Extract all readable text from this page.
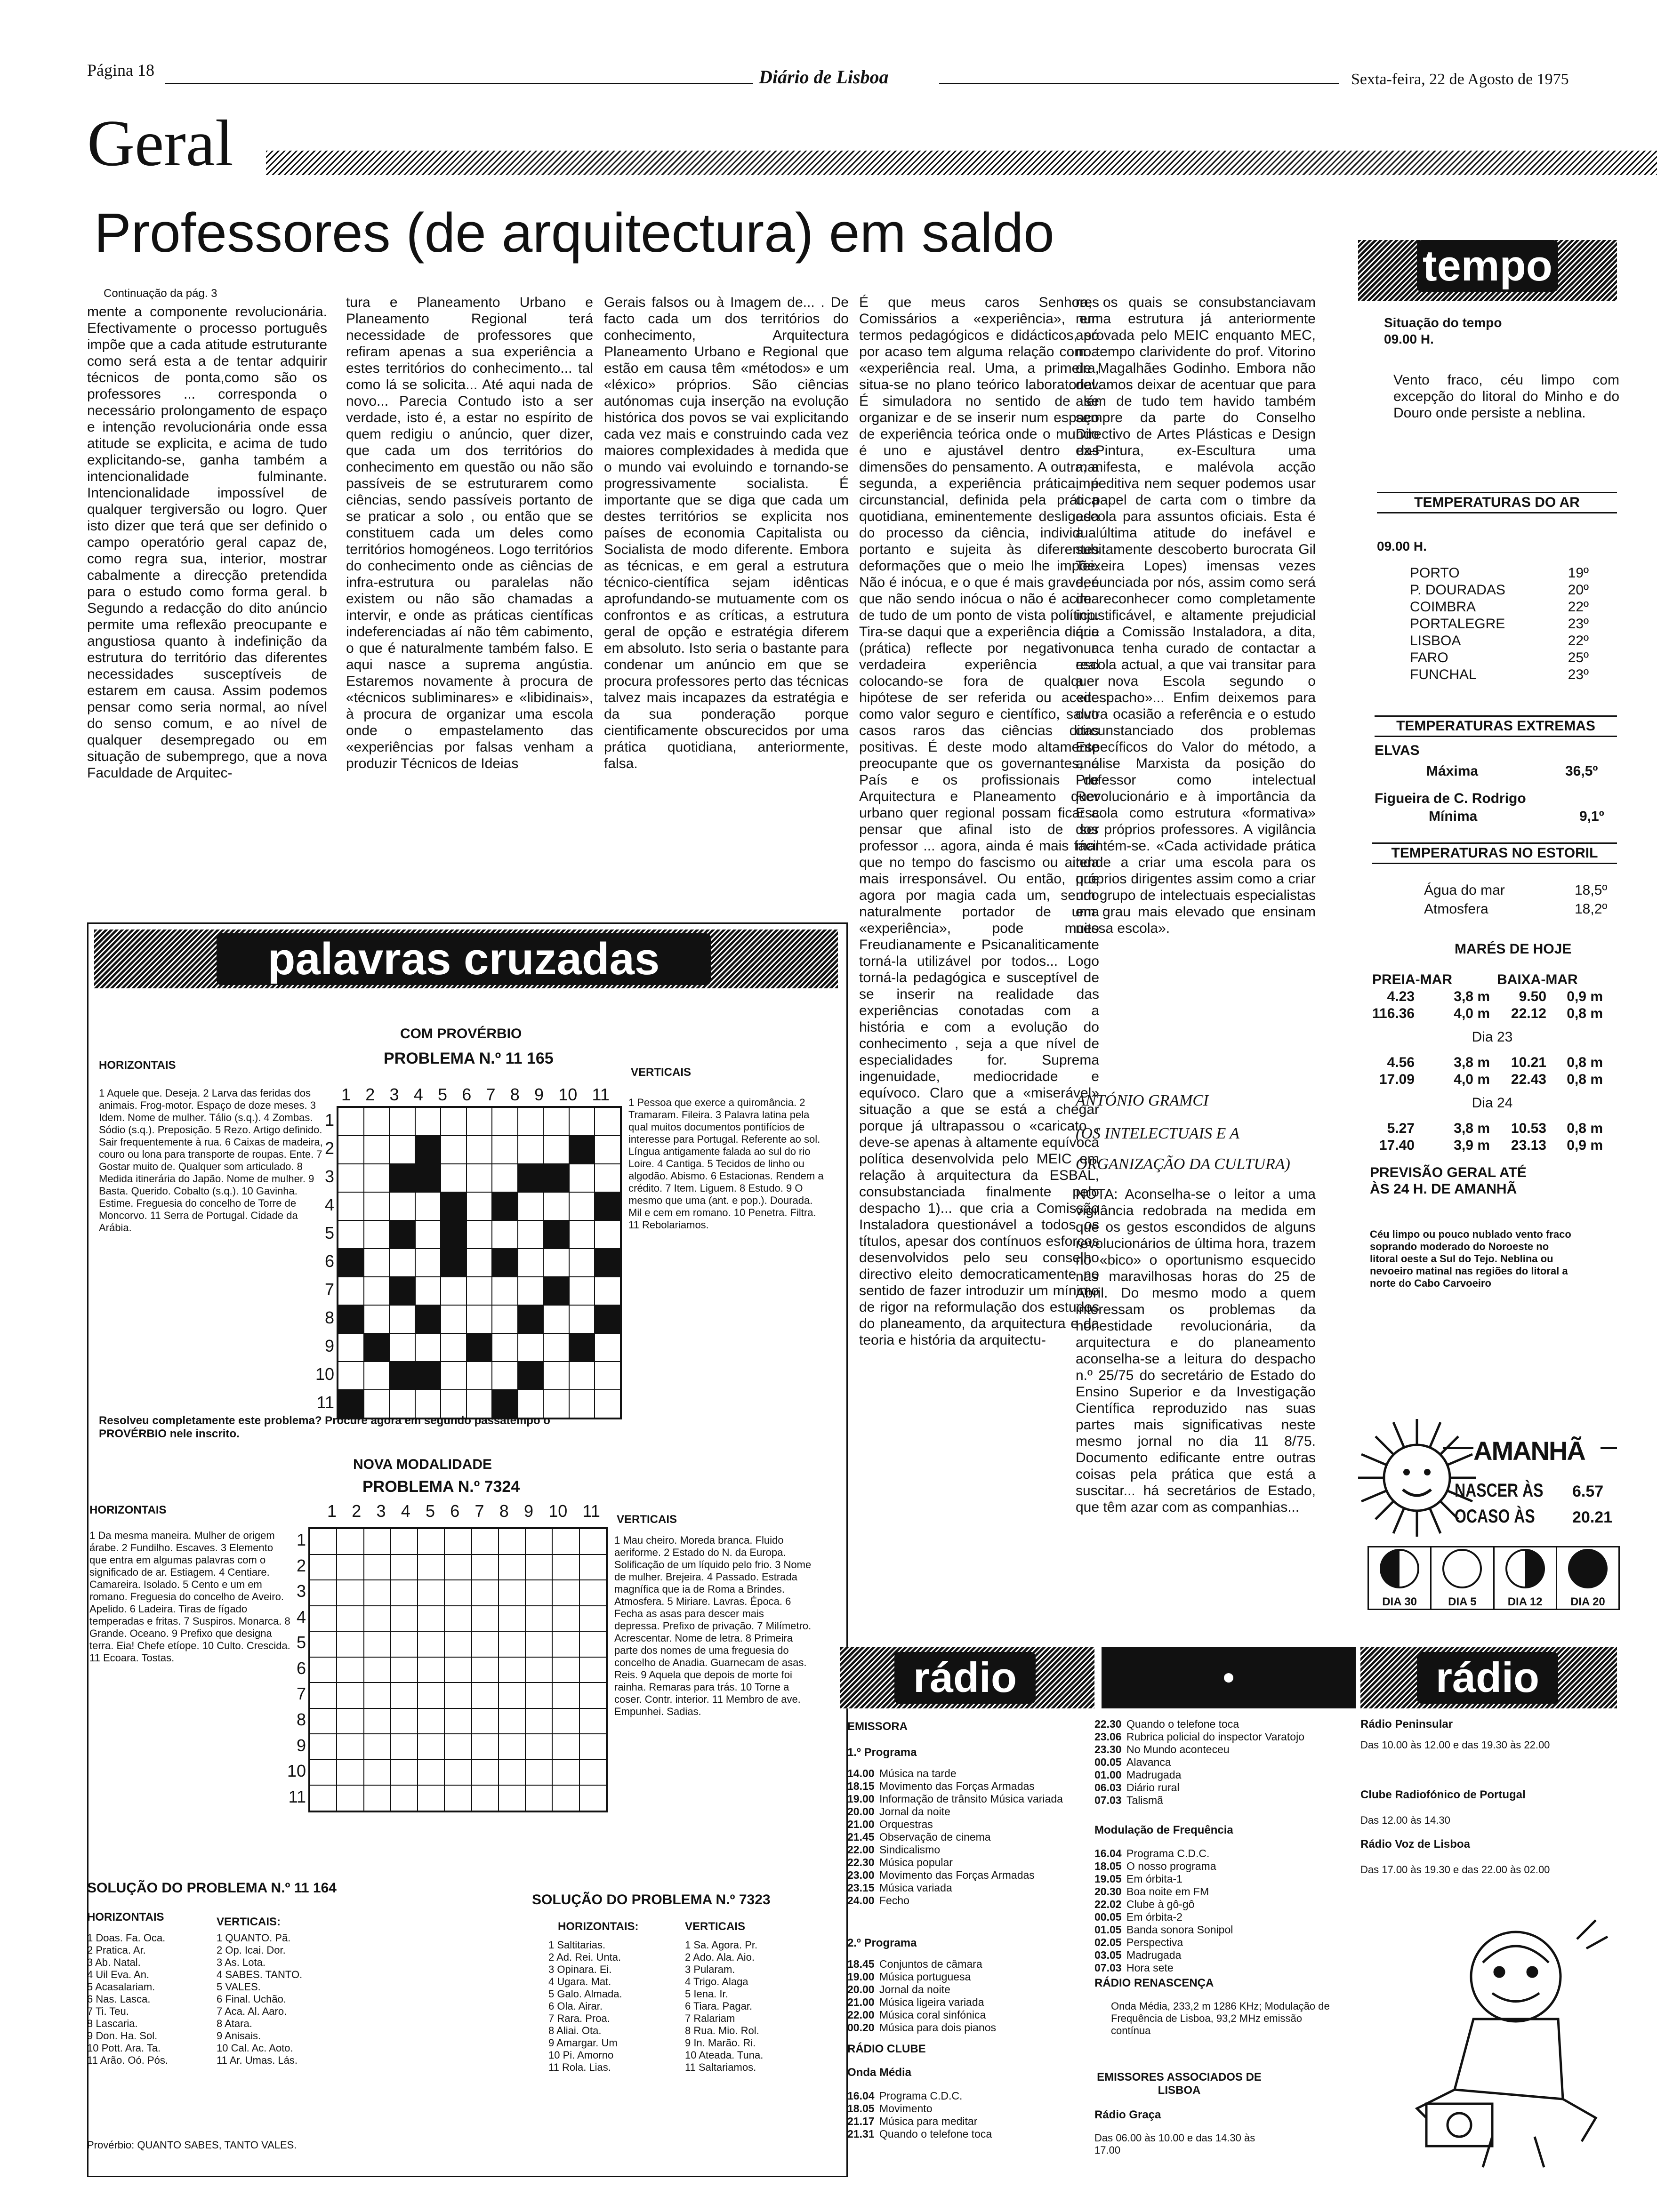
Página 18	Diário de Lisboa	Sexta-feira, 22 de Agosto de 1975
Geral
Professores (de arquitectura) em saldo
Continuação da pág. 3
mente a componente revolucionária. Efectivamente o processo português impõe que a cada atitude estruturante como será esta a de tentar adquirir técnicos de ponta,como são os professores ... corresponda o necessário prolongamento de espaço e intenção revolucionária onde essa atitude se explicita, e acima de tudo explicitando-se, ganha também a intencionalidade fulminante. Intencionalidade impossível de qualquer tergiversão ou logro. Quer isto dizer que terá que ser definido o campo operatório geral capaz de, como regra sua, interior, mostrar cabalmente a direcção pretendida para o estudo como forma geral. b Segundo a redacção do dito anúncio permite uma reflexão preocupante e angustiosa quanto à indefinição da estrutura do território das diferentes necessidades susceptíveis de estarem em causa. Assim podemos pensar como seria normal, ao nível do senso comum, e ao nível de qualquer desempregado ou em situação de subemprego, que a nova Faculdade de Arquitec-
tura e Planeamento Urbano e Planeamento Regional terá necessidade de professores que refiram apenas a sua experiência a estes territórios do conhecimento... tal como lá se solicita... Até aqui nada de novo... Parecia Contudo isto a ser verdade, isto é, a estar no espírito de quem redigiu o anúncio, quer dizer, que cada um dos territórios do conhecimento em questão ou não são passíveis de se estruturarem como ciências, sendo passíveis portanto de se praticar a solo , ou então que se constituem cada um deles como territórios homogéneos. Logo territórios do conhecimento onde as ciências de infra-estrutura ou paralelas não existem ou não são chamadas a intervir, e onde as práticas científicas indeferenciadas aí não têm cabimento, o que é naturalmente também falso. E aqui nasce a suprema angústia. Estaremos novamente à procura de «técnicos subliminares» e «libidinais», à procura de organizar uma escola onde o empastelamento das «experiências por falsas venham a produzir Técnicos de Ideias
Gerais falsos ou à Imagem de... . De facto cada um dos territórios do conhecimento, Arquitectura Planeamento Urbano e Regional que estão em causa têm «métodos» e um «léxico» próprios. São ciências autónomas cuja inserção na evolução histórica dos povos se vai explicitando cada vez mais e construindo cada vez maiores complexidades à medida que o mundo vai evoluindo e tornando-se progressivamente socialista. É importante que se diga que cada um destes territórios se explicita nos países de economia Capitalista ou Socialista de modo diferente. Embora as técnicas, e em geral a estrutura técnico-científica sejam idênticas aprofundando-se mutuamente com os confrontos e as críticas, a estrutura geral de opção e estratégia diferem em absoluto. Isto seria o bastante para condenar um anúncio em que se procura professores perto das técnicas talvez mais incapazes da estratégia e da sua ponderação porque cientificamente obscurecidos por uma prática quotidiana, anteriormente, falsa.
É que meus caros Senhores Comissários a «experiência», em termos pedagógicos e didácticos, só por acaso tem alguma relação com a «experiência real. Uma, a primeira, situa-se no plano teórico laboratorial. É simuladora no sentido de se organizar e de se inserir num espaço de experiência teórica onde o mundo é uno e ajustável dentro das dimensões do pensamento. A outra, a segunda, a experiência prática, é circunstancial, definida pela prática quotidiana, eminentemente desligada do processo da ciência, individual portanto e sujeita às diferentes deformações que o meio lhe impõe. Não é inócua, e o que é mais grave, é que não sendo inócua o não é acima de tudo de um ponto de vista político. Tira-se daqui que a experiência diária (prática) reflecte por negativo a verdadeira experiência real colocando-se fora de qualquer hipótese de ser referida ou aceite como valor seguro e científico, salvo casos raros das ciências ditas positivas. É deste modo altamente preocupante que os governantes, o País e os profissionais de Arquitectura e Planeamento quer urbano quer regional possam ficar a pensar que afinal isto de ser professor ... agora, ainda é mais fácil que no tempo do fascismo ou ainda mais irresponsável. Ou então, que agora por magia cada um, sendo naturalmente portador de uma «experiência», pode muito Freudianamente e Psicanaliticamente torná-la utilizável por todos... Logo torná-la pedagógica e susceptível de se inserir na realidade das experiências conotadas com a história e com a evolução do conhecimento , seja a que nível de especialidades for. Suprema ingenuidade, mediocridade e equívoco. Claro que a «miserável» situação a que se está a chegar porque já ultrapassou o «caricato , deve-se apenas à altamente equívoca política desenvolvida pelo MEIC em relação à arquitectura da ESBAL, consubstanciada finalmente pelo despacho 1)... que cria a Comissão Instaladora questionável a todos os títulos, apesar dos contínuos esforços desenvolvidos pelo seu conselho directivo eleito democraticamente no sentido de fazer introduzir um mínimo de rigor na reformulação dos estudos do planeamento, da arquitectura e da teoria e história da arquitectu-
ra, os quais se consubstanciavam numa estrutura já anteriormente aprovada pelo MEIC enquanto MEC, no tempo clarividente do prof. Vitorino de Magalhães Godinho. Embora não devamos deixar de acentuar que para além de tudo tem havido também sempre da parte do Conselho Directivo de Artes Plásticas e Design ex-Pintura, ex-Escultura uma manifesta, e malévola acção impeditiva nem sequer podemos usar o papel de carta com o timbre da escola para assuntos oficiais. Esta é a última atitude do inefável e subitamente descoberto burocrata Gil Teixeira Lopes) imensas vezes denunciada por nós, assim como será de reconhecer como completamente injustificável, e altamente prejudicial que a Comissão Instaladora, a dita, nunca tenha curado de contactar a escola actual, a que vai transitar para a nova Escola segundo o «despacho»... Enfim deixemos para outra ocasião a referência e o estudo circunstanciado dos problemas Específicos do Valor do método, a análise Marxista da posição do Professor como intelectual Revolucionário e à importância da Escola como estrutura «formativa» dos próprios professores. A vigilância mantém-se. «Cada actividade prática tende a criar uma escola para os próprios dirigentes assim como a criar um grupo de intelectuais especialistas em grau mais elevado que ensinam nessa escola».
ANTÓNIO GRAMCI
(OS INTELECTUAIS E A
ORGANIZAÇÃO DA CULTURA)
NOTA: Aconselha-se o leitor a uma vigilância redobrada na medida em que os gestos escondidos de alguns revolucionários de última hora, trazem no «bico» o oportunismo esquecido nas maravilhosas horas do 25 de Abril. Do mesmo modo a quem interessam os problemas da honestidade revolucionária, da arquitectura e do planeamento aconselha-se a leitura do despacho n.º 25/75 do secretário de Estado do Ensino Superior e da Investigação Científica reproduzido nas suas partes mais significativas neste mesmo jornal no dia 11 8/75. Documento edificante entre outras coisas pela prática que está a suscitar... há secretários de Estado, que têm azar com as companhias...
palavras cruzadas
COM PROVÉRBIO
PROBLEMA N.º 11 165
HORIZONTAIS
VERTICAIS
1 Aquele que. Deseja. 2 Larva das feridas dos animais. Frog-motor. Espaço de doze meses. 3 Idem. Nome de mulher. Tálio (s.q.). 4 Zombas. Sódio (s.q.). Preposição. 5 Rezo. Artigo definido. Sair frequentemente à rua. 6 Caixas de madeira, couro ou lona para transporte de roupas. Ente. 7 Gostar muito de. Qualquer som articulado. 8 Medida itinerária do Japão. Nome de mulher. 9 Basta. Querido. Cobalto (s.q.). 10 Gavinha. Estime. Freguesia do concelho de Torre de Moncorvo. 11 Serra de Portugal. Cidade da Arábia.
1 Pessoa que exerce a quiromância. 2 Tramaram. Fileira. 3 Palavra latina pela qual muitos documentos pontifícios de interesse para Portugal. Referente ao sol. Língua antigamente falada ao sul do rio Loire. 4 Cantiga. 5 Tecidos de linho ou algodão. Abismo. 6 Estacionas. Rendem a crédito. 7 Item. Liguem. 8 Estudo. 9 O mesmo que uma (ant. e pop.). Dourada. Mil e cem em romano. 10 Penetra. Filtra. 11 Rebolariamos.
1 2 3 4 5 6 7 8 9 10 11
1
2
3
4
5
6
7
8
9
10
11
Resolveu completamente este problema? Procure agora em segundo passatempo o PROVÉRBIO nele inscrito.
NOVA MODALIDADE
PROBLEMA N.º 7324
HORIZONTAIS
VERTICAIS
1 Da mesma maneira. Mulher de origem árabe. 2 Fundilho. Escaves. 3 Elemento que entra em algumas palavras com o significado de ar. Estiagem. 4 Centiare. Camareira. Isolado. 5 Cento e um em romano. Freguesia do concelho de Aveiro. Apelido. 6 Ladeira. Tiras de fígado temperadas e fritas. 7 Suspiros. Monarca. 8 Grande. Oceano. 9 Prefixo que designa terra. Eia! Chefe etíope. 10 Culto. Crescida. 11 Ecoara. Tostas.
1 Mau cheiro. Moreda branca. Fluido aeriforme. 2 Estado do N. da Europa. Solificação de um líquido pelo frio. 3 Nome de mulher. Brejeira. 4 Passado. Estrada magnífica que ia de Roma a Brindes. Atmosfera. 5 Miriare. Lavras. Época. 6 Fecha as asas para descer mais depressa. Prefixo de privação. 7 Milímetro. Acrescentar. Nome de letra. 8 Primeira parte dos nomes de uma freguesia do concelho de Anadia. Guarnecam de asas. Reis. 9 Aquela que depois de morte foi rainha. Remaras para trás. 10 Torne a coser. Contr. interior. 11 Membro de ave. Empunhei. Sadias.
1 2 3 4 5 6 7 8 9 10 11
1
2
3
4
5
6
7
8
9
10
11
SOLUÇÃO DO PROBLEMA N.º 11 164
HORIZONTAIS	VERTICAIS:
1 Doas. Fa. Oca.
2 Pratica. Ar.
3 Ab. Natal.
4 Uil Eva. An.
5 Acasalariam.
6 Nas. Lasca.
7 Ti. Teu.
8 Lascaria.
9 Don. Ha. Sol.
10 Pott. Ara. Ta.
11 Arão. Oó. Pós.
1 QUANTO. Pã.
2 Op. Icai. Dor.
3 As. Lota.
4 SABES. TANTO.
5 VALES.
6 Final. Uchão.
7 Aca. Al. Aaro.
8 Atara.
9 Anisais.
10 Cal. Ac. Aoto.
11 Ar. Umas. Lás.
Provérbio: QUANTO SABES, TANTO VALES.
SOLUÇÃO DO PROBLEMA N.º 7323
HORIZONTAIS:	VERTICAIS
1 Saltitarias.
2 Ad. Rei. Unta.
3 Opinara. Ei.
4 Ugara. Mat.
5 Galo. Almada.
6 Ola. Airar.
7 Rara. Proa.
8 Aliai. Ota.
9 Amargar. Um
10 Pi. Amorno
11 Rola. Lias.
1 Sa. Agora. Pr.
2 Ado. Ala. Aio.
3 Pularam.
4 Trigo. Alaga
5 Iena. Ir.
6 Tiara. Pagar.
7 Ralariam
8 Rua. Mio. Rol.
9 In. Marão. Ri.
10 Ateada. Tuna.
11 Saltariamos.
tempo
Situação do tempo
09.00 H.
Vento fraco, céu limpo com excepção do litoral do Minho e do Douro onde persiste a neblina.
TEMPERATURAS DO AR
09.00 H.
PORTO	19º
P. DOURADAS	20º
COIMBRA	22º
PORTALEGRE	23º
LISBOA	22º
FARO	25º
FUNCHAL	23º
TEMPERATURAS EXTREMAS
ELVAS
Máxima	36,5º
Figueira de C. Rodrigo
Mínima	9,1º
TEMPERATURAS NO ESTORIL
Água do mar	18,5º
Atmosfera	18,2º
MARÉS DE HOJE
PREIA-MAR	BAIXA-MAR
4.23	3,8 m	9.50	0,9 m
116.36	4,0 m	22.12	0,8 m
Dia 23
4.56	3,8 m	10.21	0,8 m
17.09	4,0 m	22.43	0,8 m
Dia 24
5.27	3,8 m	10.53	0,8 m
17.40	3,9 m	23.13	0,9 m
PREVISÃO GERAL ATÉ
ÀS 24 H. DE AMANHÃ
Céu limpo ou pouco nublado vento fraco soprando moderado do Noroeste no litoral oeste a Sul do Tejo. Neblina ou nevoeiro matinal nas regiões do litoral a norte do Cabo Carvoeiro
AMANHÃ
NASCER ÀS 6.57
OCASO ÀS 20.21
DIA 30	DIA 5	DIA 12 DIA 20
rádio	rádio
EMISSORA
1.º Programa
14.00 Música na tarde
18.15 Movimento das Forças Armadas
19.00 Informação de trânsito Música variada
20.00 Jornal da noite
21.00 Orquestras
21.45 Observação de cinema
22.00 Sindicalismo
22.30 Música popular
23.00 Movimento das Forças Armadas
23.15 Música variada
24.00 Fecho
2.º Programa
18.45 Conjuntos de câmara
19.00 Música portuguesa
20.00 Jornal da noite
21.00 Música ligeira variada
22.00 Música coral sinfónica
00.20 Música para dois pianos
RÁDIO CLUBE
Onda Média
16.04 Programa C.D.C.
18.05 Movimento
21.17 Música para meditar
21.31 Quando o telefone toca
22.30 Quando o telefone toca
23.06 Rubrica policial do inspector Varatojo
23.30 No Mundo aconteceu
00.05 Alavanca
01.00 Madrugada
06.03 Diário rural
07.03 Talismã
Modulação de Frequência
16.04 Programa C.D.C.
18.05 O nosso programa
19.05 Em órbita-1
20.30 Boa noite em FM
22.02 Clube à gô-gô
00.05 Em órbita-2
01.05 Banda sonora Sonipol
02.05 Perspectiva
03.05 Madrugada
07.03 Hora sete
RÁDIO RENASCENÇA
Onda Média, 233,2 m 1286 KHz; Modulação de Frequência de Lisboa, 93,2 MHz emissão contínua
EMISSORES ASSOCIADOS DE LISBOA
Rádio Graça
Das 06.00 às 10.00 e das 14.30 às 17.00
Rádio Peninsular
Das 10.00 às 12.00 e das 19.30 às 22.00
Clube Radiofónico de Portugal
Das 12.00 às 14.30
Rádio Voz de Lisboa
Das 17.00 às 19.30 e das 22.00 às 02.00
